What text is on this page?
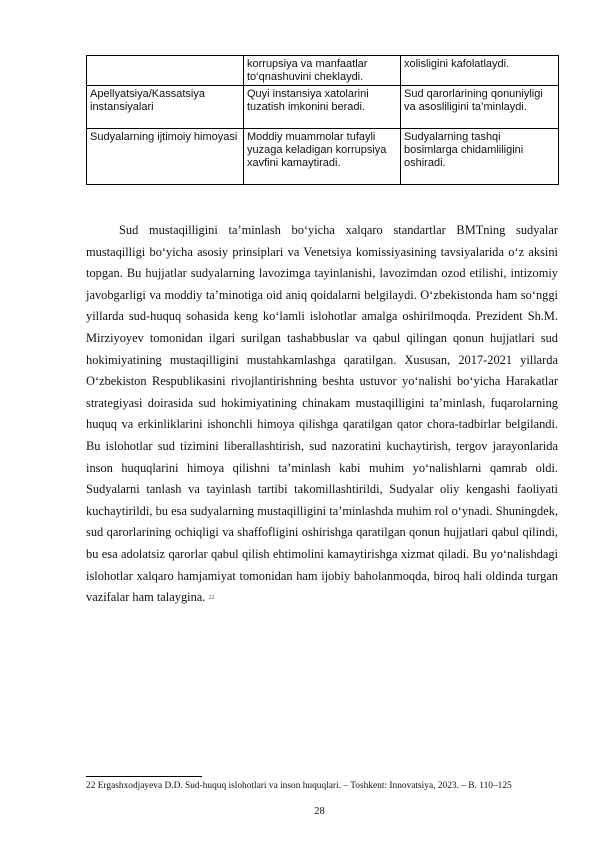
	korrupsiya va manfaatlar to‘qnashuvini cheklaydi.	xolisligini kafolatlaydi.
Apellyatsiya/Kassatsiya instansiyalari	Quyi instansiya xatolarini tuzatish imkonini beradi.	Sud qarorlarining qonuniyligi va asosliligini ta’minlaydi.
Sudyalarning ijtimoiy himoyasi	Moddiy muammolar tufayli yuzaga keladigan korrupsiya xavfini kamaytiradi.	Sudyalarning tashqi bosimlarga chidamliligini oshiradi.

Sud mustaqilligini ta’minlash bo‘yicha xalqaro standartlar BMTning sudyalar mustaqilligi bo‘yicha asosiy prinsiplari va Venetsiya komissiyasining tavsiyalarida o‘z aksini topgan. Bu hujjatlar sudyalarning lavozimga tayinlanishi, lavozimdan ozod etilishi, intizomiy javobgarligi va moddiy ta’minotiga oid aniq qoidalarni belgilaydi. O‘zbekistonda ham so‘nggi yillarda sud-huquq sohasida keng ko‘lamli islohotlar amalga oshirilmoqda. Prezident Sh.M. Mirziyoyev tomonidan ilgari surilgan tashabbuslar va qabul qilingan qonun hujjatlari sud hokimiyatining mustaqilligini mustahkamlashga qaratilgan. Xususan, 2017-2021 yillarda O‘zbekiston Respublikasini rivojlantirishning beshta ustuvor yo‘nalishi bo‘yicha Harakatlar strategiyasi doirasida sud hokimiyatining chinakam mustaqilligini ta’minlash, fuqarolarning huquq va erkinliklarini ishonchli himoya qilishga qaratilgan qator chora-tadbirlar belgilandi. Bu islohotlar sud tizimini liberallashtirish, sud nazoratini kuchaytirish, tergov jarayonlarida inson huquqlarini himoya qilishni ta’minlash kabi muhim yo‘nalishlarni qamrab oldi. Sudyalarni tanlash va tayinlash tartibi takomillashtirildi, Sudyalar oliy kengashi faoliyati kuchaytirildi, bu esa sudyalarning mustaqilligini ta’minlashda muhim rol o‘ynadi. Shuningdek, sud qarorlarining ochiqligi va shaffofligini oshirishga qaratilgan qonun hujjatlari qabul qilindi, bu esa adolatsiz qarorlar qabul qilish ehtimolini kamaytirishga xizmat qiladi. Bu yo‘nalishdagi islohotlar xalqaro hamjamiyat tomonidan ham ijobiy baholanmoqda, biroq hali oldinda turgan vazifalar ham talaygina. 22

22 Ergashxodjayeva D.D. Sud-huquq islohotlari va inson huquqlari. – Toshkent: Innovatsiya, 2023. – B. 110–125
28
